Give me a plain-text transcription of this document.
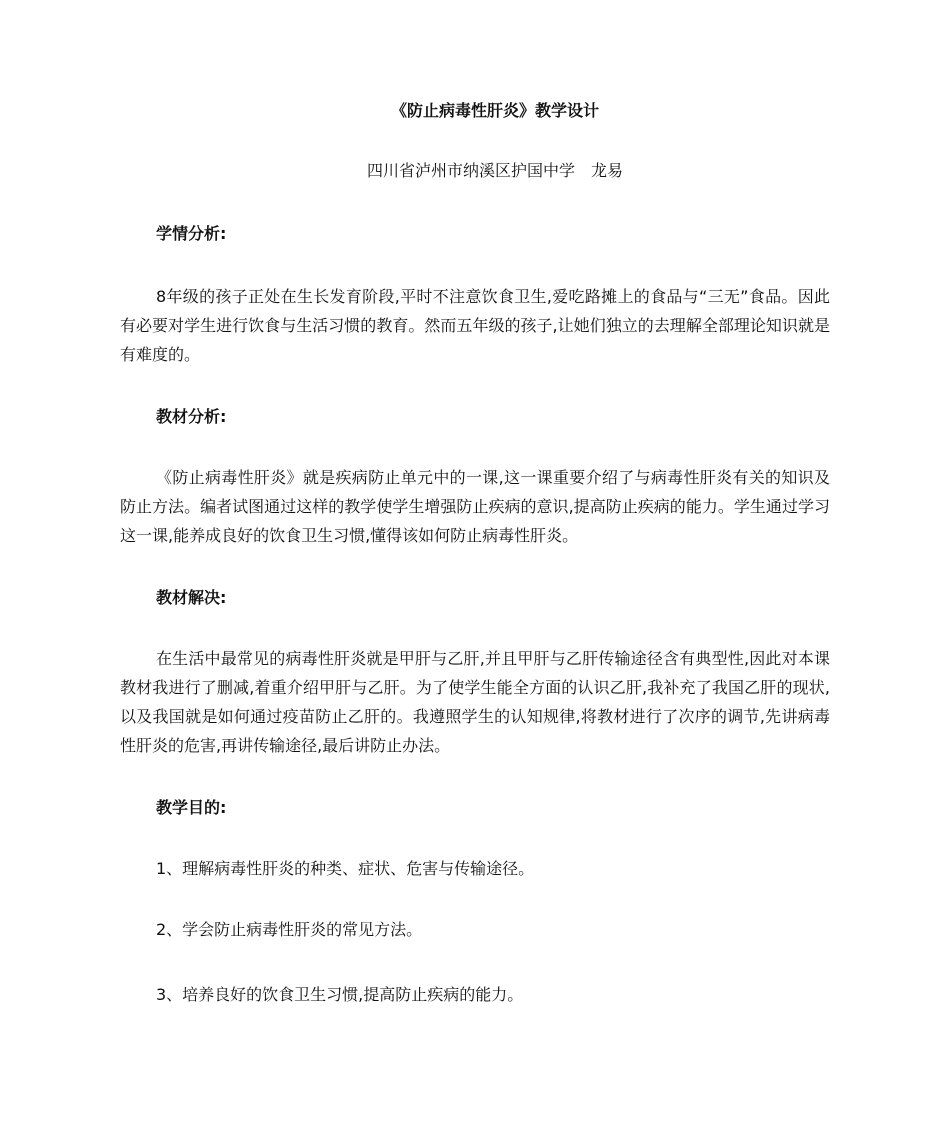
《防止病毒性肝炎》教学设计

四川省泸州市纳溪区护国中学　龙易

学情分析:

8年级的孩子正处在生长发育阶段,平时不注意饮食卫生,爱吃路摊上的食品与“三无”食品。因此有必要对学生进行饮食与生活习惯的教育。然而五年级的孩子,让她们独立的去理解全部理论知识就是有难度的。

教材分析:

《防止病毒性肝炎》就是疾病防止单元中的一课,这一课重要介绍了与病毒性肝炎有关的知识及防止方法。编者试图通过这样的教学使学生增强防止疾病的意识,提高防止疾病的能力。学生通过学习这一课,能养成良好的饮食卫生习惯,懂得该如何防止病毒性肝炎。

教材解决:

在生活中最常见的病毒性肝炎就是甲肝与乙肝,并且甲肝与乙肝传输途径含有典型性,因此对本课教材我进行了删减,着重介绍甲肝与乙肝。为了使学生能全方面的认识乙肝,我补充了我国乙肝的现状,以及我国就是如何通过疫苗防止乙肝的。我遵照学生的认知规律,将教材进行了次序的调节,先讲病毒性肝炎的危害,再讲传输途径,最后讲防止办法。

教学目的:

1、理解病毒性肝炎的种类、症状、危害与传输途径。

2、学会防止病毒性肝炎的常见方法。

3、培养良好的饮食卫生习惯,提高防止疾病的能力。
